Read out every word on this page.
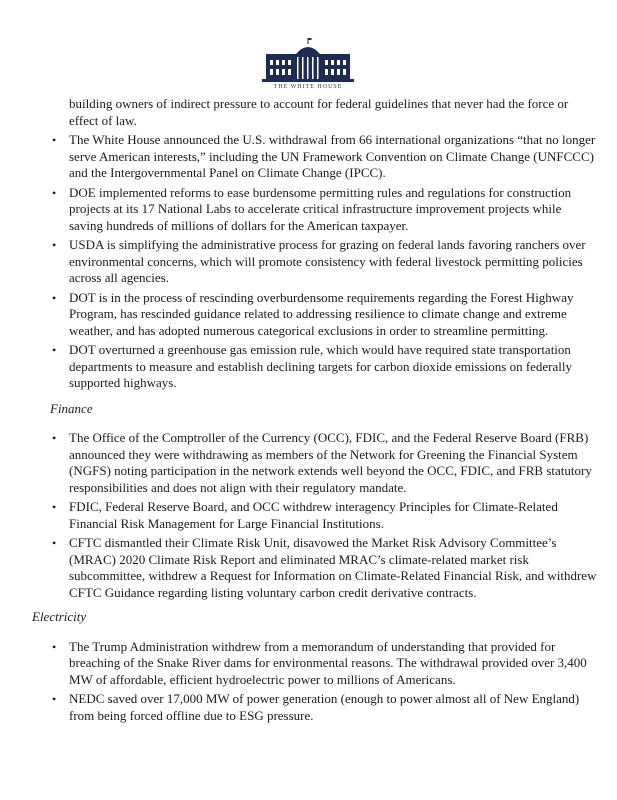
THE WHITE HOUSE

building owners of indirect pressure to account for federal guidelines that never had the force or effect of law.

• The White House announced the U.S. withdrawal from 66 international organizations “that no longer serve American interests,” including the UN Framework Convention on Climate Change (UNFCCC) and the Intergovernmental Panel on Climate Change (IPCC).
• DOE implemented reforms to ease burdensome permitting rules and regulations for construction projects at its 17 National Labs to accelerate critical infrastructure improvement projects while saving hundreds of millions of dollars for the American taxpayer.
• USDA is simplifying the administrative process for grazing on federal lands favoring ranchers over environmental concerns, which will promote consistency with federal livestock permitting policies across all agencies.
• DOT is in the process of rescinding overburdensome requirements regarding the Forest Highway Program, has rescinded guidance related to addressing resilience to climate change and extreme weather, and has adopted numerous categorical exclusions in order to streamline permitting.
• DOT overturned a greenhouse gas emission rule, which would have required state transportation departments to measure and establish declining targets for carbon dioxide emissions on federally supported highways.
Finance
• The Office of the Comptroller of the Currency (OCC), FDIC, and the Federal Reserve Board (FRB) announced they were withdrawing as members of the Network for Greening the Financial System (NGFS) noting participation in the network extends well beyond the OCC, FDIC, and FRB statutory responsibilities and does not align with their regulatory mandate.
• FDIC, Federal Reserve Board, and OCC withdrew interagency Principles for Climate-Related Financial Risk Management for Large Financial Institutions.
• CFTC dismantled their Climate Risk Unit, disavowed the Market Risk Advisory Committee’s (MRAC) 2020 Climate Risk Report and eliminated MRAC’s climate-related market risk subcommittee, withdrew a Request for Information on Climate-Related Financial Risk, and withdrew CFTC Guidance regarding listing voluntary carbon credit derivative contracts.
Electricity
• The Trump Administration withdrew from a memorandum of understanding that provided for breaching of the Snake River dams for environmental reasons. The withdrawal provided over 3,400 MW of affordable, efficient hydroelectric power to millions of Americans.
• NEDC saved over 17,000 MW of power generation (enough to power almost all of New England) from being forced offline due to ESG pressure.
